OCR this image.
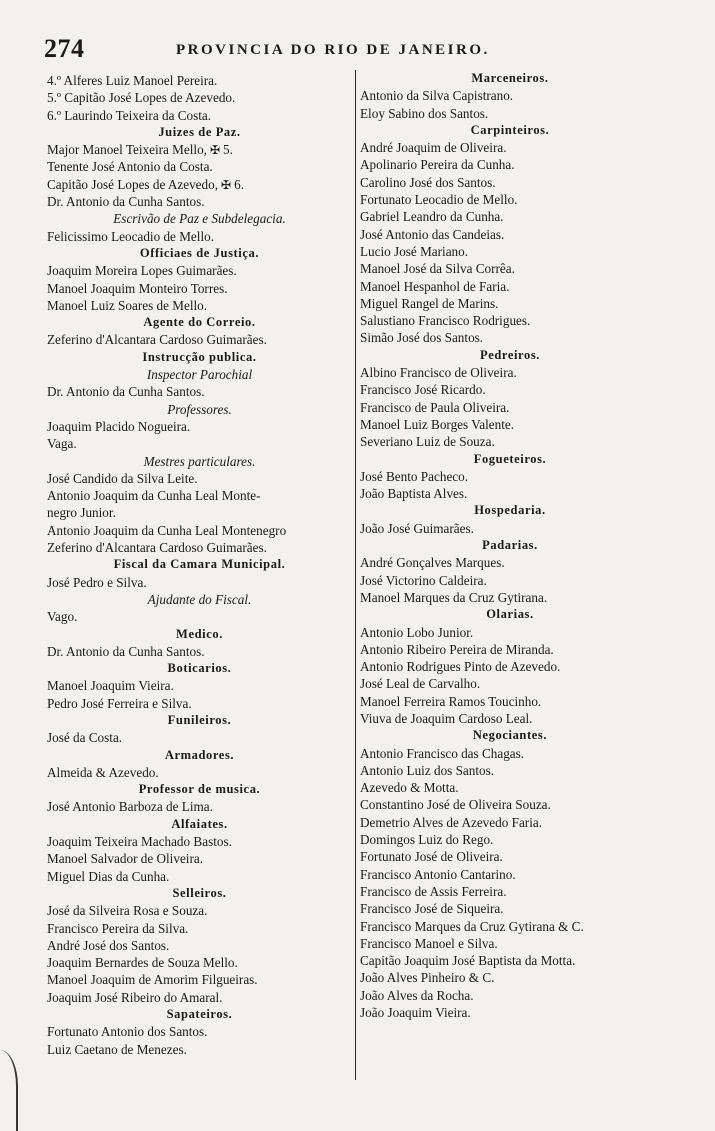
274	PROVINCIA DO RIO DE JANEIRO.
4.º Alferes Luiz Manoel Pereira.
5.º Capitão José Lopes de Azevedo.
6.º Laurindo Teixeira da Costa.
Juizes de Paz.
Major Manoel Teixeira Mello, ✠ 5.
Tenente José Antonio da Costa.
Capitão José Lopes de Azevedo, ✠ 6.
Dr. Antonio da Cunha Santos.
Escrivão de Paz e Subdelegacia.
Felicissimo Leocadio de Mello.
Officiaes de Justiça.
Joaquim Moreira Lopes Guimarães.
Manoel Joaquim Monteiro Torres.
Manoel Luiz Soares de Mello.
Agente do Correio.
Zeferino d'Alcantara Cardoso Guimarães.
Instrucção publica.
Inspector Parochial
Dr. Antonio da Cunha Santos.
Professores.
Joaquim Placido Nogueira.
Vaga.
Mestres particulares.
José Candido da Silva Leite.
Antonio Joaquim da Cunha Leal Monte-
negro Junior.
Antonio Joaquim da Cunha Leal Montenegro
Zeferino d'Alcantara Cardoso Guimarães.
Fiscal da Camara Municipal.
José Pedro e Silva.
Ajudante do Fiscal.
Vago.
Medico.
Dr. Antonio da Cunha Santos.
Boticarios.
Manoel Joaquim Vieira.
Pedro José Ferreira e Silva.
Funileiros.
José da Costa.
Armadores.
Almeida & Azevedo.
Professor de musica.
José Antonio Barboza de Lima.
Alfaiates.
Joaquim Teixeira Machado Bastos.
Manoel Salvador de Oliveira.
Miguel Dias da Cunha.
Selleiros.
José da Silveira Rosa e Souza.
Francisco Pereira da Silva.
André José dos Santos.
Joaquim Bernardes de Souza Mello.
Manoel Joaquim de Amorim Filgueiras.
Joaquim José Ribeiro do Amaral.
Sapateiros.
Fortunato Antonio dos Santos.
Luiz Caetano de Menezes.
Marceneiros.
Antonio da Silva Capistrano.
Eloy Sabino dos Santos.
Carpinteiros.
André Joaquim de Oliveira.
Apolinario Pereira da Cunha.
Carolino José dos Santos.
Fortunato Leocadio de Mello.
Gabriel Leandro da Cunha.
José Antonio das Candeias.
Lucio José Mariano.
Manoel José da Silva Corrêa.
Manoel Hespanhol de Faria.
Miguel Rangel de Marins.
Salustiano Francisco Rodrigues.
Simão José dos Santos.
Pedreiros.
Albino Francisco de Oliveira.
Francisco José Ricardo.
Francisco de Paula Oliveira.
Manoel Luiz Borges Valente.
Severiano Luiz de Souza.
Fogueteiros.
José Bento Pacheco.
João Baptista Alves.
Hospedaria.
João José Guimarães.
Padarias.
André Gonçalves Marques.
José Victorino Caldeira.
Manoel Marques da Cruz Gytirana.
Olarias.
Antonio Lobo Junior.
Antonio Ribeiro Pereira de Miranda.
Antonio Rodrigues Pinto de Azevedo.
José Leal de Carvalho.
Manoel Ferreira Ramos Toucinho.
Viuva de Joaquim Cardoso Leal.
Negociantes.
Antonio Francisco das Chagas.
Antonio Luiz dos Santos.
Azevedo & Motta.
Constantino José de Oliveira Souza.
Demetrio Alves de Azevedo Faria.
Domingos Luiz do Rego.
Fortunato José de Oliveira.
Francisco Antonio Cantarino.
Francisco de Assis Ferreira.
Francisco José de Siqueira.
Francisco Marques da Cruz Gytirana & C.
Francisco Manoel e Silva.
Capitão Joaquim José Baptista da Motta.
João Alves Pinheiro & C.
João Alves da Rocha.
João Joaquim Vieira.
